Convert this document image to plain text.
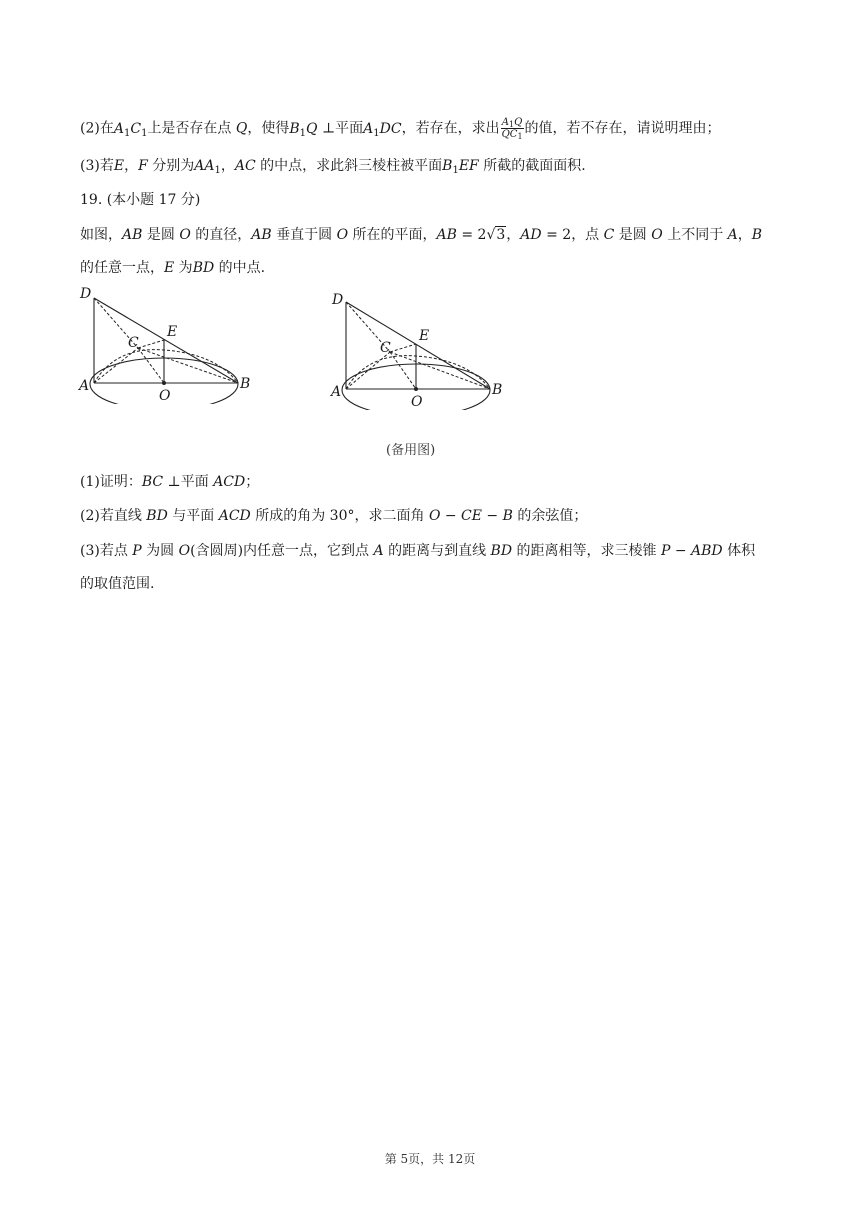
(2)在$A_1C_1$上是否存在点 Q，使得$B_1Q$ ⊥平面$A_1DC$，若存在，求出 $\frac{A_1Q}{QC_1}$ 的值，若不存在，请说明理由；
(3)若E，F 分别为$AA_1$，AC 的中点，求此斜三棱柱被平面$B_1EF$ 所截的截面面积.
19. (本小题 17 分)
如图，AB 是圆 O 的直径，AB 垂直于圆 O 所在的平面，AB = 2√3，AD = 2，点 C 是圆 O 上不同于 A，B
的任意一点，E 为BD 的中点.
D
E
C
A
O
B
D
E
C
A
O
B
(备用图)
(1)证明：BC ⊥平面 ACD；
(2)若直线 BD 与平面 ACD 所成的角为 30°，求二面角 O − CE − B 的余弦值；
(3)若点 P 为圆 O(含圆周)内任意一点，它到点 A 的距离与到直线 BD 的距离相等，求三棱锥 P − ABD 体积
的取值范围.
第 5页，共 12页
